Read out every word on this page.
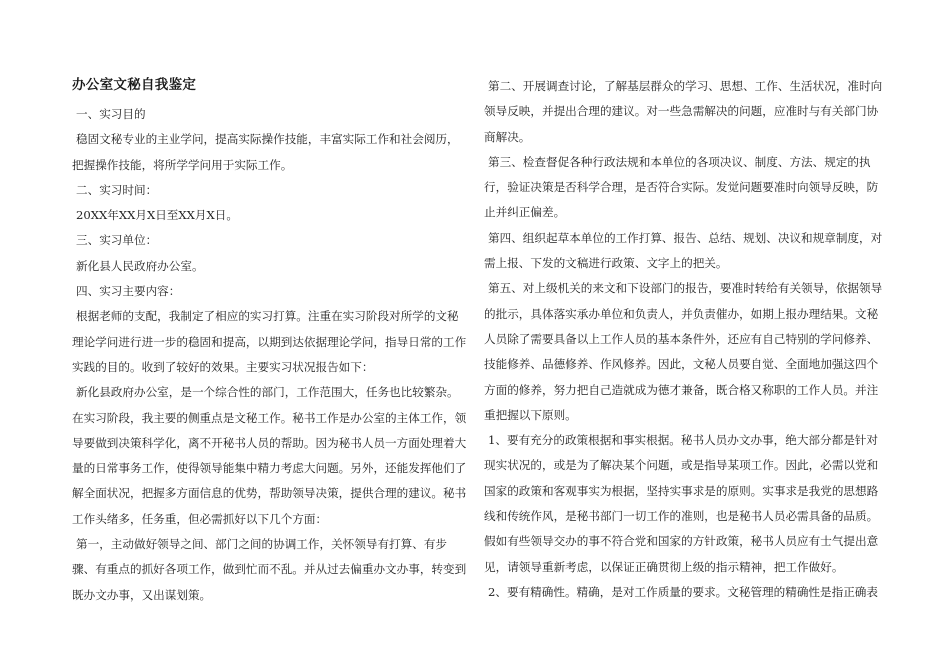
办公室文秘自我鉴定

一、实习目的

稳固文秘专业的主业学问，提高实际操作技能，丰富实际工作和社会阅历，把握操作技能，将所学学问用于实际工作。

二、实习时间：

20XX年XX月X日至XX月X日。

三、实习单位：

新化县人民政府办公室。

四、实习主要内容：

根据老师的支配，我制定了相应的实习打算。注重在实习阶段对所学的文秘理论学问进行进一步的稳固和提高，以期到达依据理论学问，指导日常的工作实践的目的。收到了较好的效果。主要实习状况报告如下：

新化县政府办公室，是一个综合性的部门，工作范围大，任务也比较繁杂。在实习阶段，我主要的侧重点是文秘工作。秘书工作是办公室的主体工作，领导要做到决策科学化，离不开秘书人员的帮助。因为秘书人员一方面处理着大量的日常事务工作，使得领导能集中精力考虑大问题。另外，还能发挥他们了解全面状况，把握多方面信息的优势，帮助领导决策，提供合理的建议。秘书工作头绪多，任务重，但必需抓好以下几个方面：

第一，主动做好领导之间、部门之间的协调工作，关怀领导有打算、有步骤、有重点的抓好各项工作，做到忙而不乱。并从过去偏重办文办事，转变到既办文办事，又出谋划策。

第二、开展调查讨论，了解基层群众的学习、思想、工作、生活状况，准时向领导反映，并提出合理的建议。对一些急需解决的问题，应准时与有关部门协商解决。

第三、检查督促各种行政法规和本单位的各项决议、制度、方法、规定的执行，验证决策是否科学合理，是否符合实际。发觉问题要准时向领导反映，防止并纠正偏差。

第四、组织起草本单位的工作打算、报告、总结、规划、决议和规章制度，对需上报、下发的文稿进行政策、文字上的把关。

第五、对上级机关的来文和下设部门的报告，要准时转给有关领导，依据领导的批示，具体落实承办单位和负责人，并负责催办，如期上报办理结果。文秘人员除了需要具备以上工作人员的基本条件外，还应有自己特别的学问修养、技能修养、品德修养、作风修养。因此，文秘人员要自觉、全面地加强这四个方面的修养，努力把自己造就成为德才兼备，既合格又称职的工作人员。并注重把握以下原则。

1、要有充分的政策根据和事实根据。秘书人员办文办事，绝大部分都是针对现实状况的，或是为了解决某个问题，或是指导某项工作。因此，必需以党和国家的政策和客观事实为根据，坚持实事求是的原则。实事求是我党的思想路线和传统作风，是秘书部门一切工作的准则，也是秘书人员必需具备的品质。假如有些领导交办的事不符合党和国家的方针政策，秘书人员应有士气提出意见，请领导重新考虑，以保证正确贯彻上级的指示精神，把工作做好。

2、要有精确性。精确，是对工作质量的要求。文秘管理的精确性是指正确表
